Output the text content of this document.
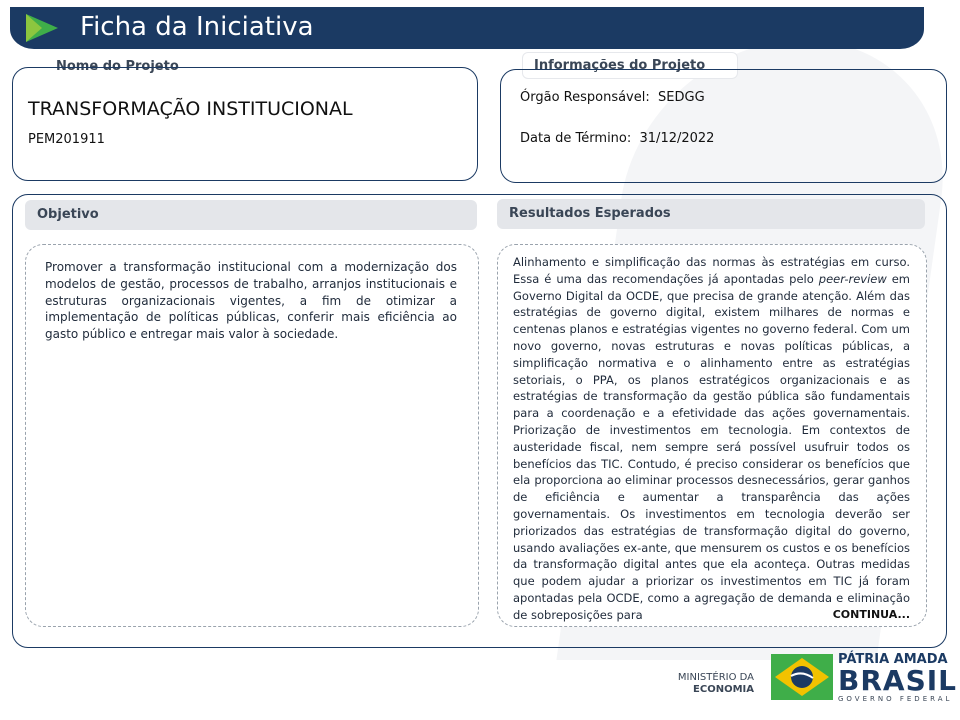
Ficha da Iniciativa
Nome do Projeto
TRANSFORMAÇÃO INSTITUCIONAL
PEM201911
Informações do Projeto
Órgão Responsável: SEDGG
Data de Término: 31/12/2022
Objetivo	Resultados Esperados
Promover a transformação institucional com a modernização dos modelos de gestão, processos de trabalho, arranjos institucionais e estruturas organizacionais vigentes, a fim de otimizar a implementação de políticas públicas, conferir mais eficiência ao gasto público e entregar mais valor à sociedade.
Alinhamento e simplificação das normas às estratégias em curso. Essa é uma das recomendações já apontadas pelo peer-review em Governo Digital da OCDE, que precisa de grande atenção. Além das estratégias de governo digital, existem milhares de normas e centenas planos e estratégias vigentes no governo federal. Com um novo governo, novas estruturas e novas políticas públicas, a simplificação normativa e o alinhamento entre as estratégias setoriais, o PPA, os planos estratégicos organizacionais e as estratégias de transformação da gestão pública são fundamentais para a coordenação e a efetividade das ações governamentais. Priorização de investimentos em tecnologia. Em contextos de austeridade fiscal, nem sempre será possível usufruir todos os benefícios das TIC. Contudo, é preciso considerar os benefícios que ela proporciona ao eliminar processos desnecessários, gerar ganhos de eficiência e aumentar a transparência das ações governamentais. Os investimentos em tecnologia deverão ser priorizados das estratégias de transformação digital do governo, usando avaliações ex-ante, que mensurem os custos e os benefícios da transformação digital antes que ela aconteça. Outras medidas que podem ajudar a priorizar os investimentos em TIC já foram apontadas pela OCDE, como a agregação de demanda e eliminação de sobreposições para	CONTINUA...
MINISTÉRIO DA
ECONOMIA
PÁTRIA AMADA
BRASIL
GOVERNO FEDERAL
